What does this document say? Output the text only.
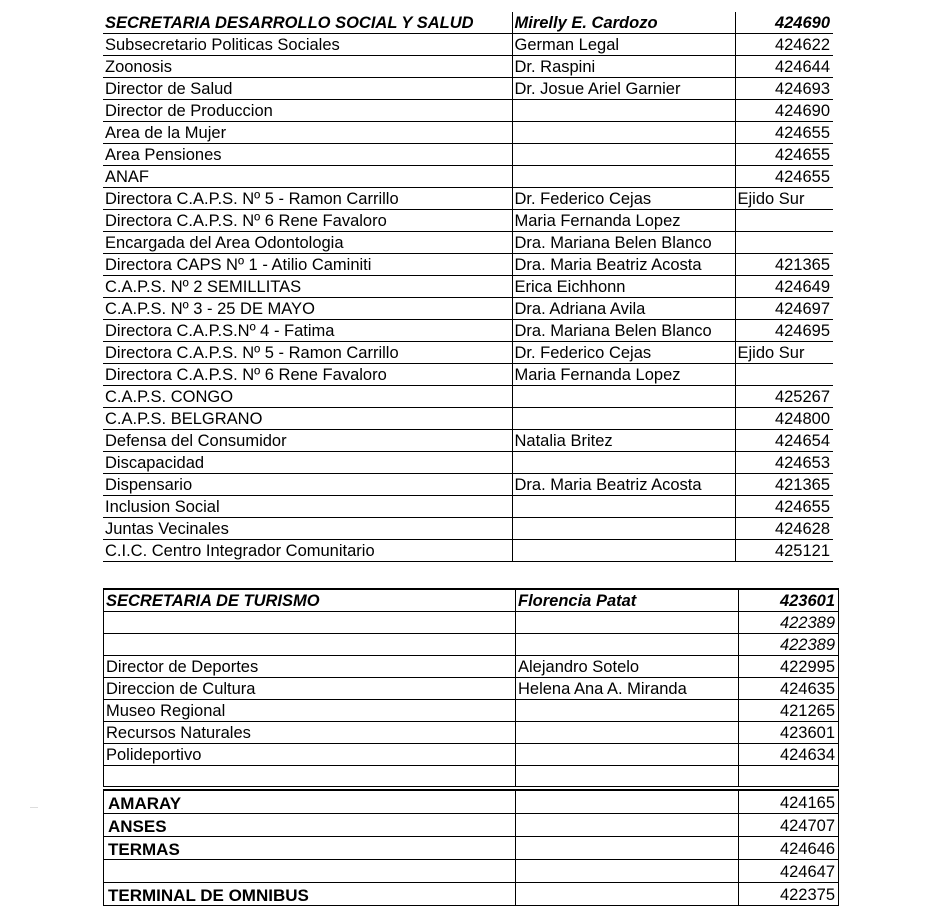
SECRETARIA DESARROLLO SOCIAL Y SALUD	Mirelly E. Cardozo	424690
Subsecretario Politicas Sociales	German Legal	424622
Zoonosis	Dr. Raspini	424644
Director de Salud	Dr. Josue Ariel Garnier	424693
Director de Produccion		424690
Area de la Mujer		424655
Area Pensiones		424655
ANAF		424655
Directora C.A.P.S. Nº 5 - Ramon Carrillo	Dr. Federico Cejas	Ejido Sur
Directora C.A.P.S. Nº 6 Rene Favaloro	Maria Fernanda Lopez	
Encargada del Area Odontologia	Dra. Mariana Belen Blanco	
Directora CAPS Nº 1 - Atilio Caminiti	Dra. Maria Beatriz Acosta	421365
C.A.P.S. Nº 2 SEMILLITAS	Erica Eichhonn	424649
C.A.P.S. Nº 3 - 25 DE MAYO	Dra. Adriana Avila	424697
Directora C.A.P.S.Nº 4 - Fatima	Dra. Mariana Belen Blanco	424695
Directora C.A.P.S. Nº 5 - Ramon Carrillo	Dr. Federico Cejas	Ejido Sur
Directora C.A.P.S. Nº 6 Rene Favaloro	Maria Fernanda Lopez	
C.A.P.S. CONGO		425267
C.A.P.S. BELGRANO		424800
Defensa del Consumidor	Natalia Britez	424654
Discapacidad		424653
Dispensario	Dra. Maria Beatriz Acosta	421365
Inclusion Social		424655
Juntas Vecinales		424628
C.I.C. Centro Integrador Comunitario		425121
SECRETARIA DE TURISMO	Florencia Patat	423601
		422389
		422389
Director de Deportes	Alejandro Sotelo	422995
Direccion de Cultura	Helena Ana A. Miranda	424635
Museo Regional		421265
Recursos Naturales		423601
Polideportivo		424634

AMARAY		424165
ANSES		424707
TERMAS		424646
		424647
TERMINAL DE OMNIBUS		422375
